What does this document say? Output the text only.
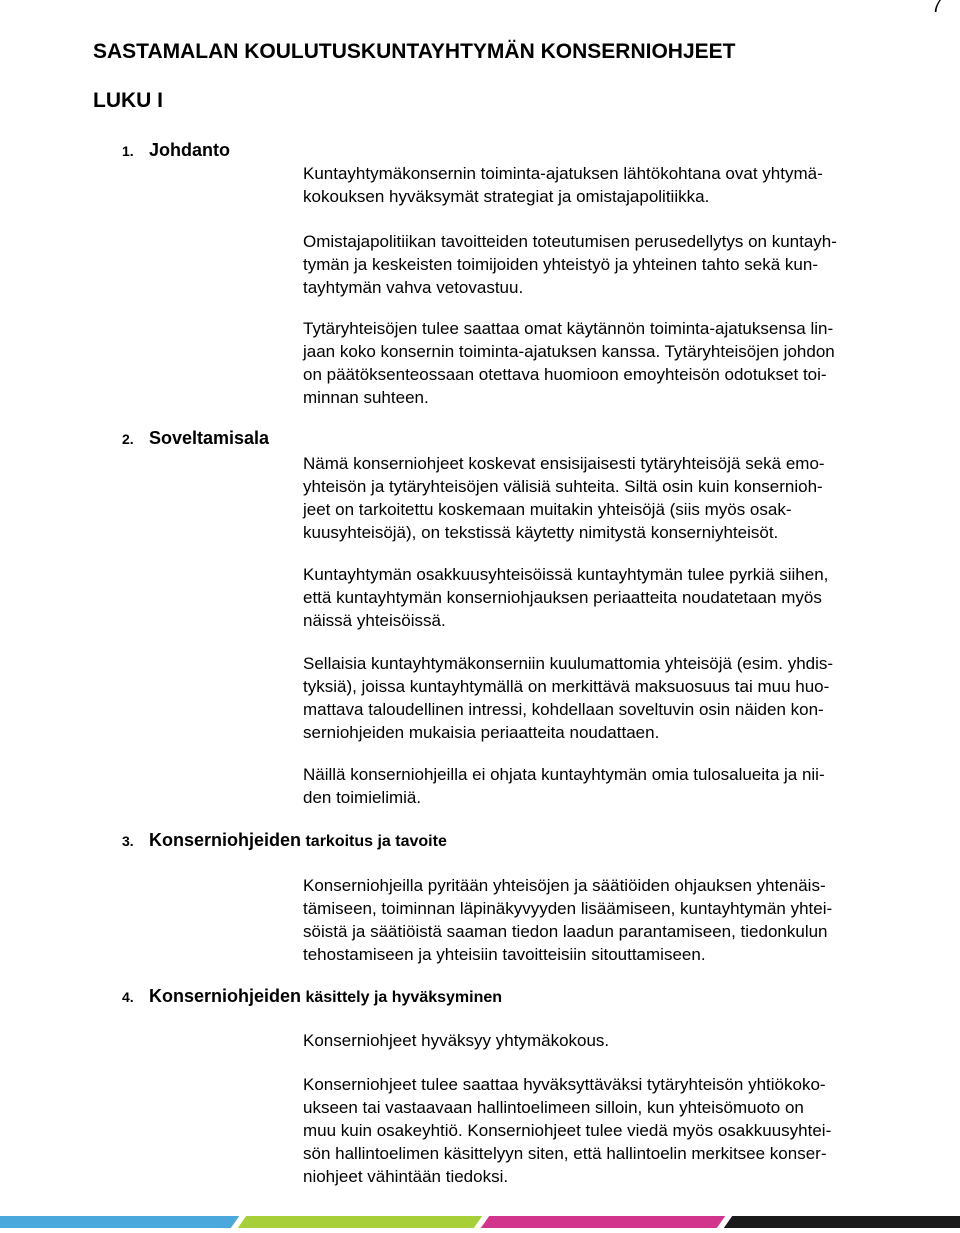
7
SASTAMALAN KOULUTUSKUNTAYHTYMÄN KONSERNIOHJEET
LUKU I
1. Johdanto
Kuntayhtymäkonsernin toiminta-ajatuksen lähtökohtana ovat yhtymä-
kokouksen hyväksymät strategiat ja omistajapolitiikka.
Omistajapolitiikan tavoitteiden toteutumisen perusedellytys on kuntayh-
tymän ja keskeisten toimijoiden yhteistyö ja yhteinen tahto sekä kun-
tayhtymän vahva vetovastuu.
Tytäryhteisöjen tulee saattaa omat käytännön toiminta-ajatuksensa lin-
jaan koko konsernin toiminta-ajatuksen kanssa. Tytäryhteisöjen johdon
on päätöksenteossaan otettava huomioon emoyhteisön odotukset toi-
minnan suhteen.
2. Soveltamisala
Nämä konserniohjeet koskevat ensisijaisesti tytäryhteisöjä sekä emo-
yhteisön ja tytäryhteisöjen välisiä suhteita. Siltä osin kuin konsernioh-
jeet on tarkoitettu koskemaan muitakin yhteisöjä (siis myös osak-
kuusyhteisöjä), on tekstissä käytetty nimitystä konserniyhteisöt.
Kuntayhtymän osakkuusyhteisöissä kuntayhtymän tulee pyrkiä siihen,
että kuntayhtymän konserniohjauksen periaatteita noudatetaan myös
näissä yhteisöissä.
Sellaisia kuntayhtymäkonserniin kuulumattomia yhteisöjä (esim. yhdis-
tyksiä), joissa kuntayhtymällä on merkittävä maksuosuus tai muu huo-
mattava taloudellinen intressi, kohdellaan soveltuvin osin näiden kon-
serniohjeiden mukaisia periaatteita noudattaen.
Näillä konserniohjeilla ei ohjata kuntayhtymän omia tulosalueita ja nii-
den toimielimiä.
3. Konserniohjeiden tarkoitus ja tavoite
Konserniohjeilla pyritään yhteisöjen ja säätiöiden ohjauksen yhtenäis-
tämiseen, toiminnan läpinäkyvyyden lisäämiseen, kuntayhtymän yhtei-
söistä ja säätiöistä saaman tiedon laadun parantamiseen, tiedonkulun
tehostamiseen ja yhteisiin tavoitteisiin sitouttamiseen.
4. Konserniohjeiden käsittely ja hyväksyminen
Konserniohjeet hyväksyy yhtymäkokous.
Konserniohjeet tulee saattaa hyväksyttäväksi tytäryhteisön yhtiökoko-
ukseen tai vastaavaan hallintoelimeen silloin, kun yhteisömuoto on
muu kuin osakeyhtiö. Konserniohjeet tulee viedä myös osakkuusyhtei-
sön hallintoelimen käsittelyyn siten, että hallintoelin merkitsee konser-
niohjeet vähintään tiedoksi.
